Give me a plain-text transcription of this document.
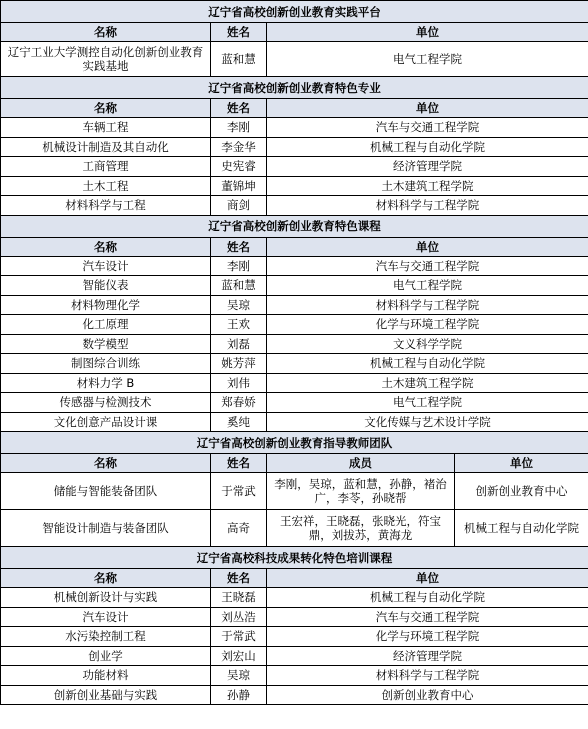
辽宁省高校创新创业教育实践平台			
名称	姓名	单位	
辽宁工业大学测控自动化创新创业教育实践基地	蓝和慧	电气工程学院	
辽宁省高校创新创业教育特色专业			
名称	姓名	单位	
车辆工程	李刚	汽车与交通工程学院	
机械设计制造及其自动化	李金华	机械工程与自动化学院	
工商管理	史宪睿	经济管理学院	
土木工程	董锦坤	土木建筑工程学院	
材料科学与工程	商剑	材料科学与工程学院	
辽宁省高校创新创业教育特色课程			
名称	姓名	单位	
汽车设计	李刚	汽车与交通工程学院	
智能仪表	蓝和慧	电气工程学院	
材料物理化学	吴琼	材料科学与工程学院	
化工原理	王欢	化学与环境工程学院	
数学模型	刘磊	文义科学学院	
制图综合训练	姚芳萍	机械工程与自动化学院	
材料力学 B	刘伟	土木建筑工程学院	
传感器与检测技术	郑春娇	电气工程学院	
文化创意产品设计课	奚纯	文化传媒与艺术设计学院	
辽宁省高校创新创业教育指导教师团队			
名称	姓名	成员	单位
储能与智能装备团队	于常武	李刚，吴琼，蓝和慧，孙静，褚治广，李苓，孙晓帮	创新创业教育中心
智能设计制造与装备团队	高奇	王宏祥，王晓磊，张晓光，符宝鼎，刘拔苏，黄海龙	机械工程与自动化学院
辽宁省高校科技成果转化特色培训课程			
名称	姓名	单位	
机械创新设计与实践	王晓磊	机械工程与自动化学院	
汽车设计	刘丛浩	汽车与交通工程学院	
水污染控制工程	于常武	化学与环境工程学院	
创业学	刘宏山	经济管理学院	
功能材料	吴琼	材料科学与工程学院	
创新创业基础与实践	孙静	创新创业教育中心	
